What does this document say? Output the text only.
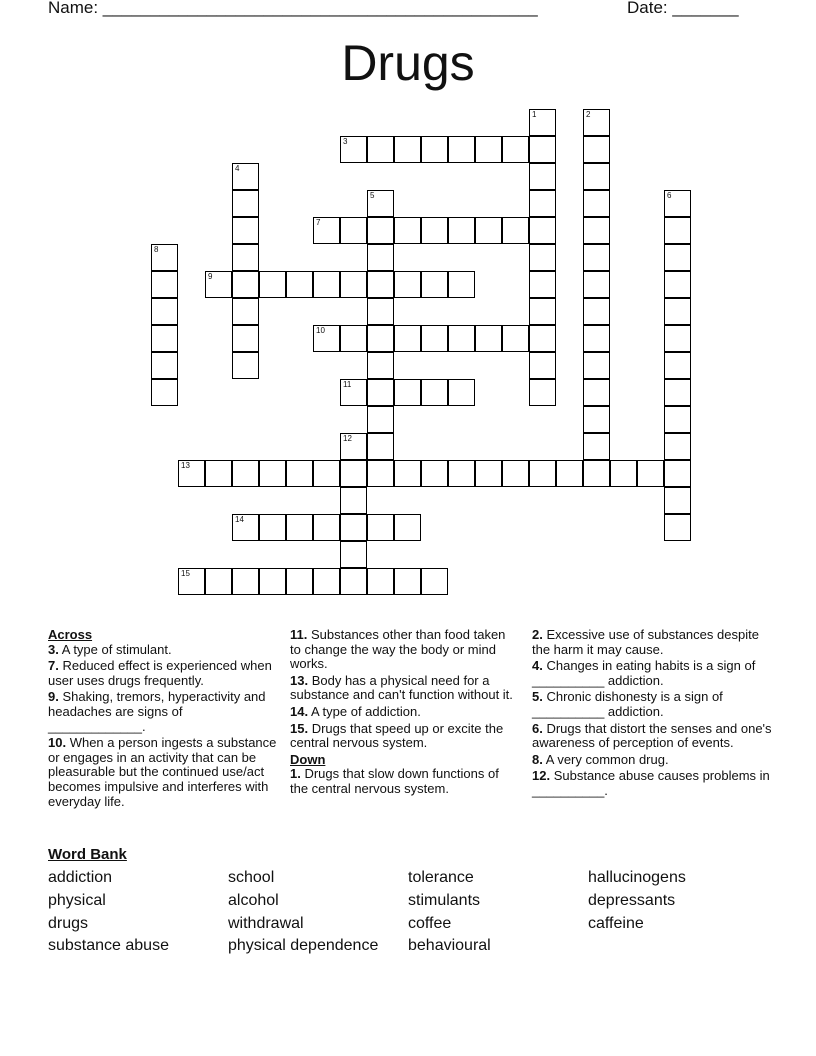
Name: ______________________________________________	Date: _______
Drugs
1	2
3
4
5	6
7
8
9
10
11
12
13
14
15
Across

3. A type of stimulant.

7. Reduced effect is experienced when user uses drugs frequently.

9. Shaking, tremors, hyperactivity and headaches are signs of _____________.

10. When a person ingests a substance or engages in an activity that can be pleasurable but the continued use/act becomes impulsive and interferes with everyday life.

11. Substances other than food taken to change the way the body or mind works.

13. Body has a physical need for a substance and can't function without it.

14. A type of addiction.

15. Drugs that speed up or excite the central nervous system.

Down

1. Drugs that slow down functions of the central nervous system.

2. Excessive use of substances despite the harm it may cause.

4. Changes in eating habits is a sign of __________ addiction.

5. Chronic dishonesty is a sign of __________ addiction.

6. Drugs that distort the senses and one's awareness of perception of events.

8. A very common drug.

12. Substance abuse causes problems in __________.

Word Bank
addiction
physical
drugs
substance abuse
school
alcohol
withdrawal
physical dependence
tolerance
stimulants
coffee
behavioural
hallucinogens
depressants
caffeine
